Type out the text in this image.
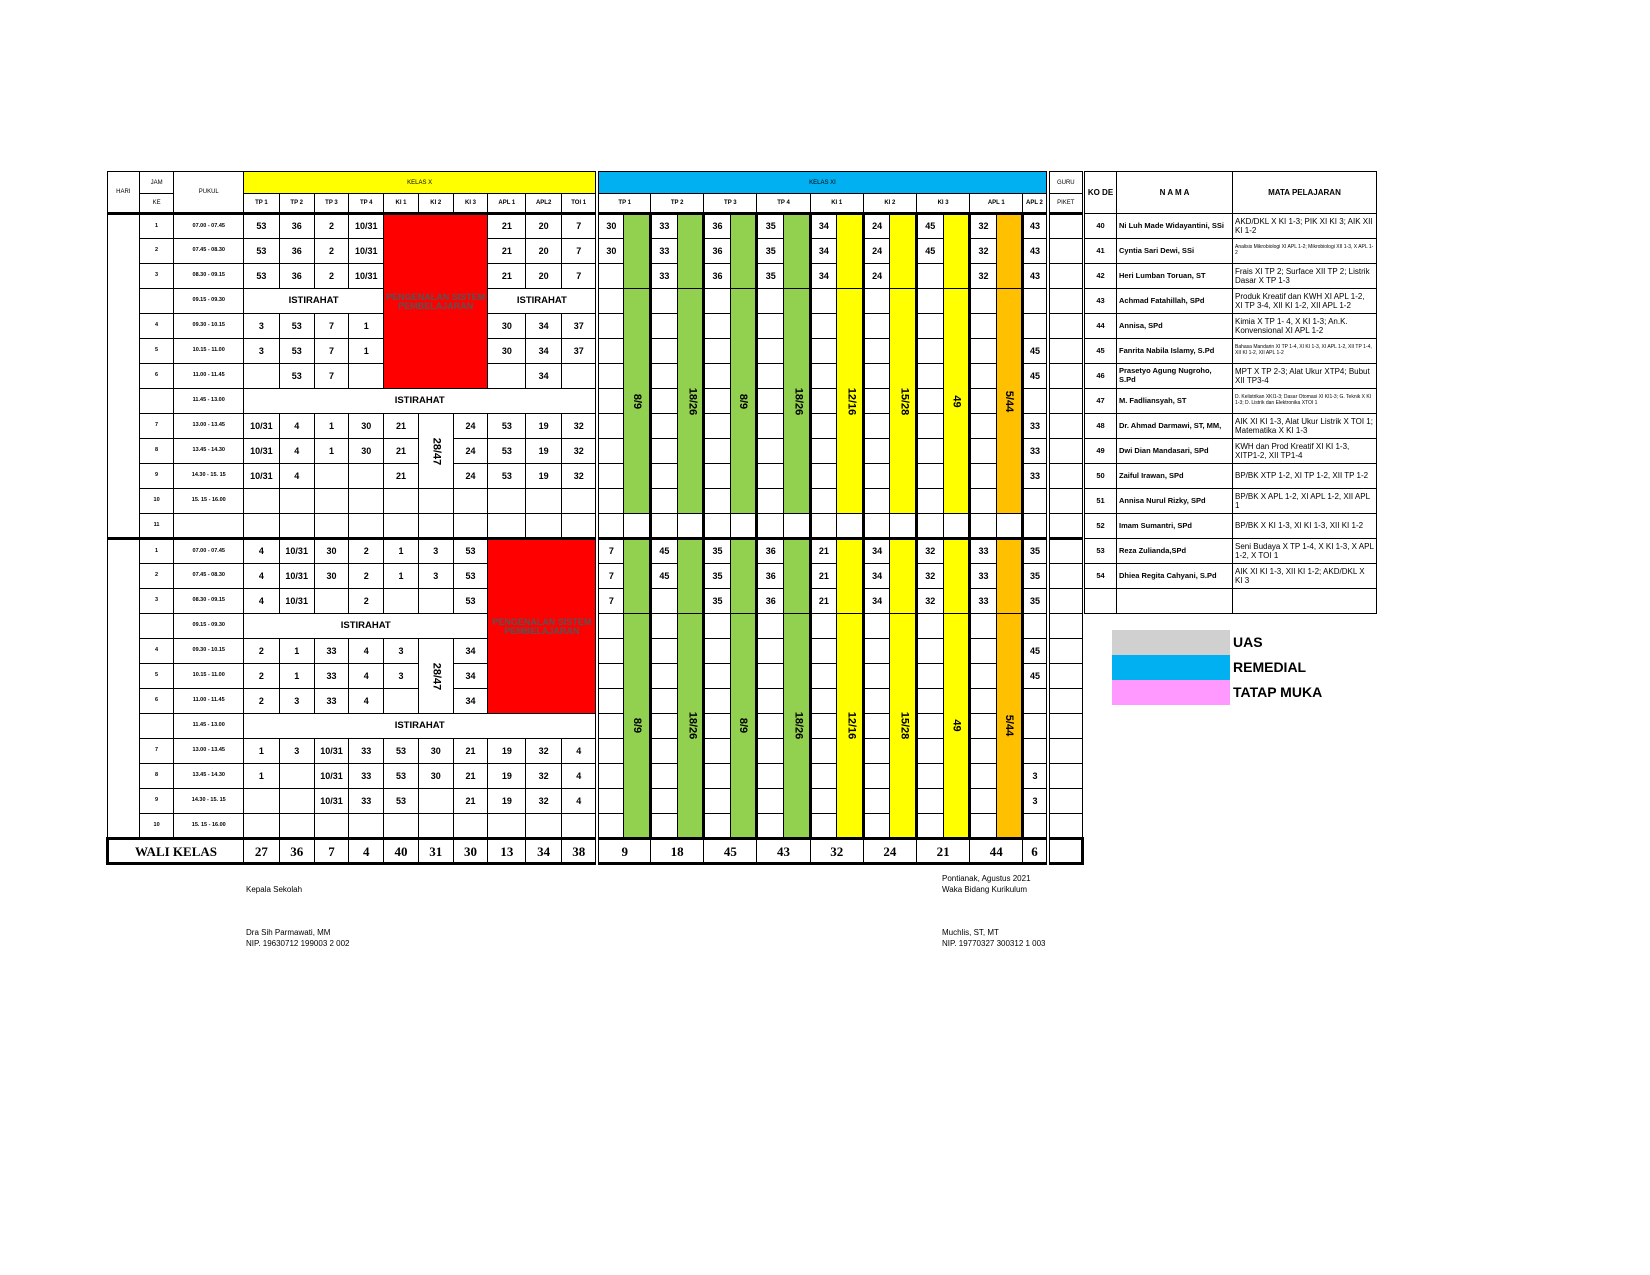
HARI	JAM	PUKUL	KELAS X										KELAS XI																	GURU
	KE		TP 1	TP 2	TP 3	TP 4	KI 1	KI 2	KI 3	APL 1	APL2	TOI 1	TP 1		TP 2		TP 3		TP 4		KI 1		KI 2		KI 3		APL 1		APL 2	PIKET
	1	07.00 - 07.45	53	36	2	10/31	PENGENALAN SISTEM PEMBELAJARAN			21	20	7	30		33		36		35		34		24		45		32		43	
	2	07.45 - 08.30	53	36	2	10/31				21	20	7	30		33		36		35		34		24		45		32		43	
	3	08.30 - 09.15	53	36	2	10/31				21	20	7			33		36		35		34		24				32		43	
		09.15 - 09.30	ISTIRAHAT							ISTIRAHAT				8/9		18/26		8/9		18/26		12/16		15/28		49		5/44		
	4	09.30 - 10.15	3	53	7	1				30	34	37																		
	5	10.15 - 11.00	3	53	7	1				30	34	37																	45	
	6	11.00 - 11.45		53	7						34																		45	
		11.45 - 13.00	ISTIRAHAT																											
	7	13.00 - 13.45	10/31	4	1	30	21	28/47	24	53	19	32																	33	
	8	13.45 - 14.30	10/31	4	1	30	21		24	53	19	32																	33	
	9	14.30 - 15. 15	10/31	4			21		24	53	19	32																	33	
	10	15. 15 - 16.00																												
	11																													
	1	07.00 - 07.45	4	10/31	30	2	1	3	53	PENGENALAN SISTEM PEMBELAJARAN			7		45		35		36		21		34		32		33		35	
	2	07.45 - 08.30	4	10/31	30	2	1	3	53				7		45		35		36		21		34		32		33		35	
	3	08.30 - 09.15	4	10/31		2			53				7				35		36		21		34		32		33		35	
		09.15 - 09.30	ISTIRAHAT											8/9		18/26		8/9		18/26		12/16		15/28		49		5/44		
	4	09.30 - 10.15	2	1	33	4	3	28/47	34																				45	
	5	10.15 - 11.00	2	1	33	4	3		34																				45	
	6	11.00 - 11.45	2	3	33	4			34																					
		11.45 - 13.00	ISTIRAHAT																											
	7	13.00 - 13.45	1	3	10/31	33	53	30	21	19	32	4																		
	8	13.45 - 14.30	1		10/31	33	53	30	21	19	32	4																	3	
	9	14.30 - 15. 15			10/31	33	53		21	19	32	4																	3	
	10	15. 15 - 16.00																												
WALI KELAS			27	36	7	4	40	31	30	13	34	38	9		18		45		43		32		24		21		44		6	
KO DE	N A M A	MATA PELAJARAN
40	Ni Luh Made Widayantini, SSi	AKD/DKL X KI 1-3; PIK XI KI 3; AIK XII KI 1-2
41	Cyntia Sari Dewi, SSi	Analisis Mikrobiologi XI APL 1-2; Mikrobiologi XII 1-3, X APL 1-2
42	Heri Lumban Toruan, ST	Frais XI TP 2; Surface XII TP 2; Listrik Dasar X TP 1-3
43	Achmad Fatahillah, SPd	Produk Kreatif dan KWH XI APL 1-2, XI TP 3-4, XII KI 1-2, XII APL 1-2
44	Annisa, SPd	Kimia X TP 1- 4, X KI 1-3; An.K. Konvensional XI APL 1-2
45	Fanrita Nabila Islamy, S.Pd	Bahasa Mandarin XI TP 1-4, XI KI 1-3, XI APL 1-2, XII TP 1-4, XII KI 1-2, XII APL 1-2
46	Prasetyo Agung Nugroho, S.Pd	MPT X TP 2-3; Alat Ukur XTP4; Bubut XII TP3-4
47	M. Fadliansyah, ST	D. Kelistrikan XKI1-3; Dasar Otomasi XI KI1-3; G. Teknik X KI 1-3; D. Listrik dan Elektronika XTOI 1
48	Dr. Ahmad Darmawi, ST, MM,	AIK XI KI 1-3, Alat Ukur Listrik X TOI 1; Matematika X KI 1-3
49	Dwi Dian Mandasari, SPd	KWH dan Prod Kreatif XI KI 1-3, XITP1-2, XII TP1-4
50	Zaiful Irawan, SPd	BP/BK XTP 1-2, XI TP 1-2, XII TP 1-2
51	Annisa Nurul Rizky, SPd	BP/BK X APL 1-2, XI APL 1-2, XII APL 1
52	Imam Sumantri, SPd	BP/BK X KI 1-3, XI KI 1-3, XII KI 1-2
53	Reza Zulianda,SPd	Seni Budaya X TP 1-4, X KI 1-3, X APL 1-2, X TOI 1
54	Dhiea Regita Cahyani, S.Pd	AIK XI KI 1-3, XII KI 1-2; AKD/DKL X KI 3

UAS
REMEDIAL
TATAP MUKA
Pontianak, Agustus 2021
Kepala Sekolah	Waka Bidang Kurikulum
Dra Sih Parmawati, MM
NIP. 19630712 199003 2 002
Muchlis, ST, MT
NIP. 19770327 300312 1 003
